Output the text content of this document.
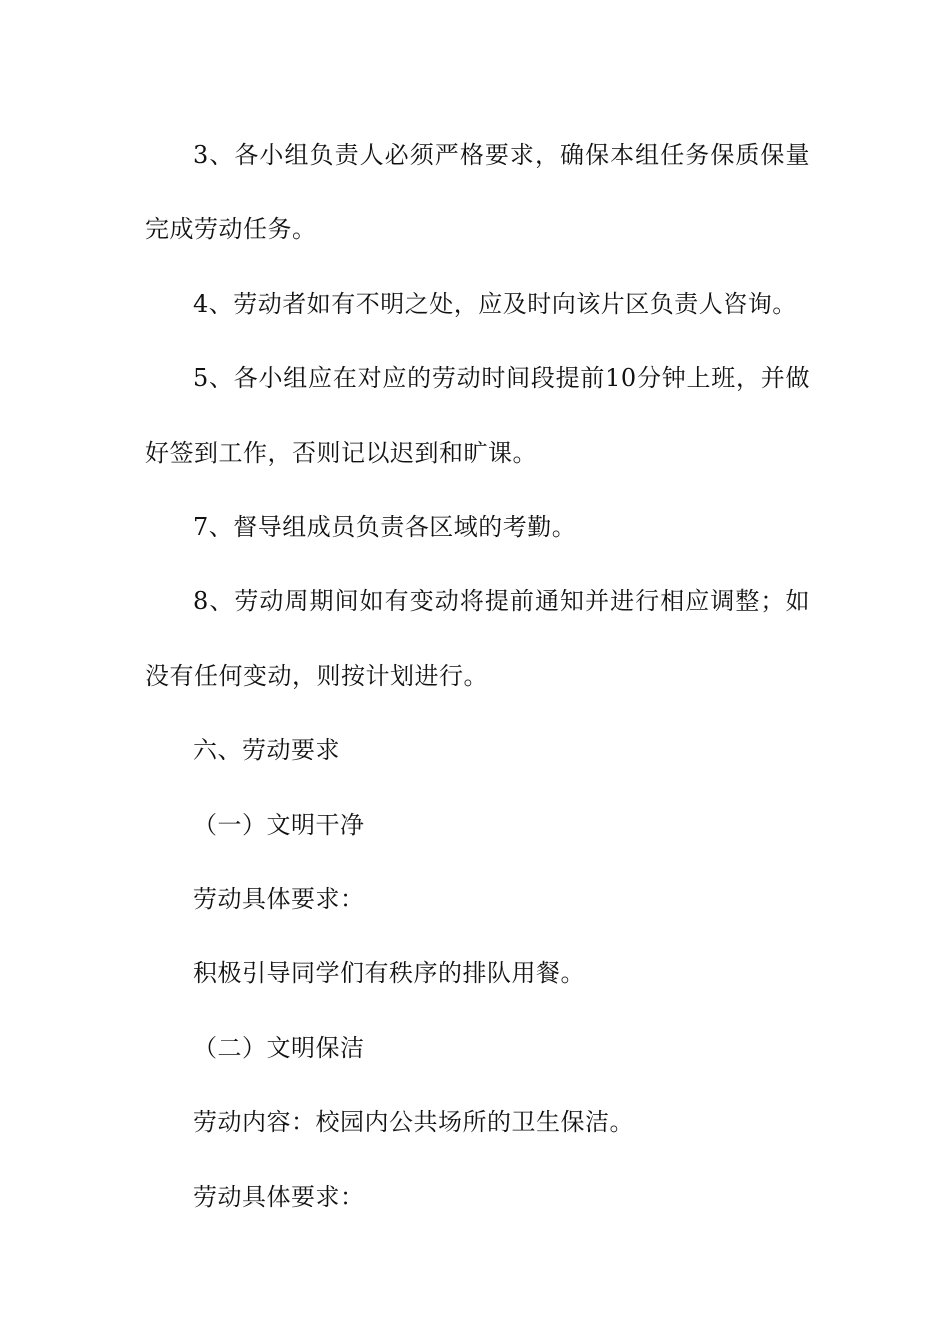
3、各小组负责人必须严格要求，确保本组任务保质保量完成劳动任务。

4、劳动者如有不明之处，应及时向该片区负责人咨询。

5、各小组应在对应的劳动时间段提前10分钟上班，并做好签到工作，否则记以迟到和旷课。

7、督导组成员负责各区域的考勤。

8、劳动周期间如有变动将提前通知并进行相应调整；如没有任何变动，则按计划进行。

六、劳动要求

（一）文明干净

劳动具体要求：

积极引导同学们有秩序的排队用餐。

（二）文明保洁

劳动内容：校园内公共场所的卫生保洁。

劳动具体要求：
